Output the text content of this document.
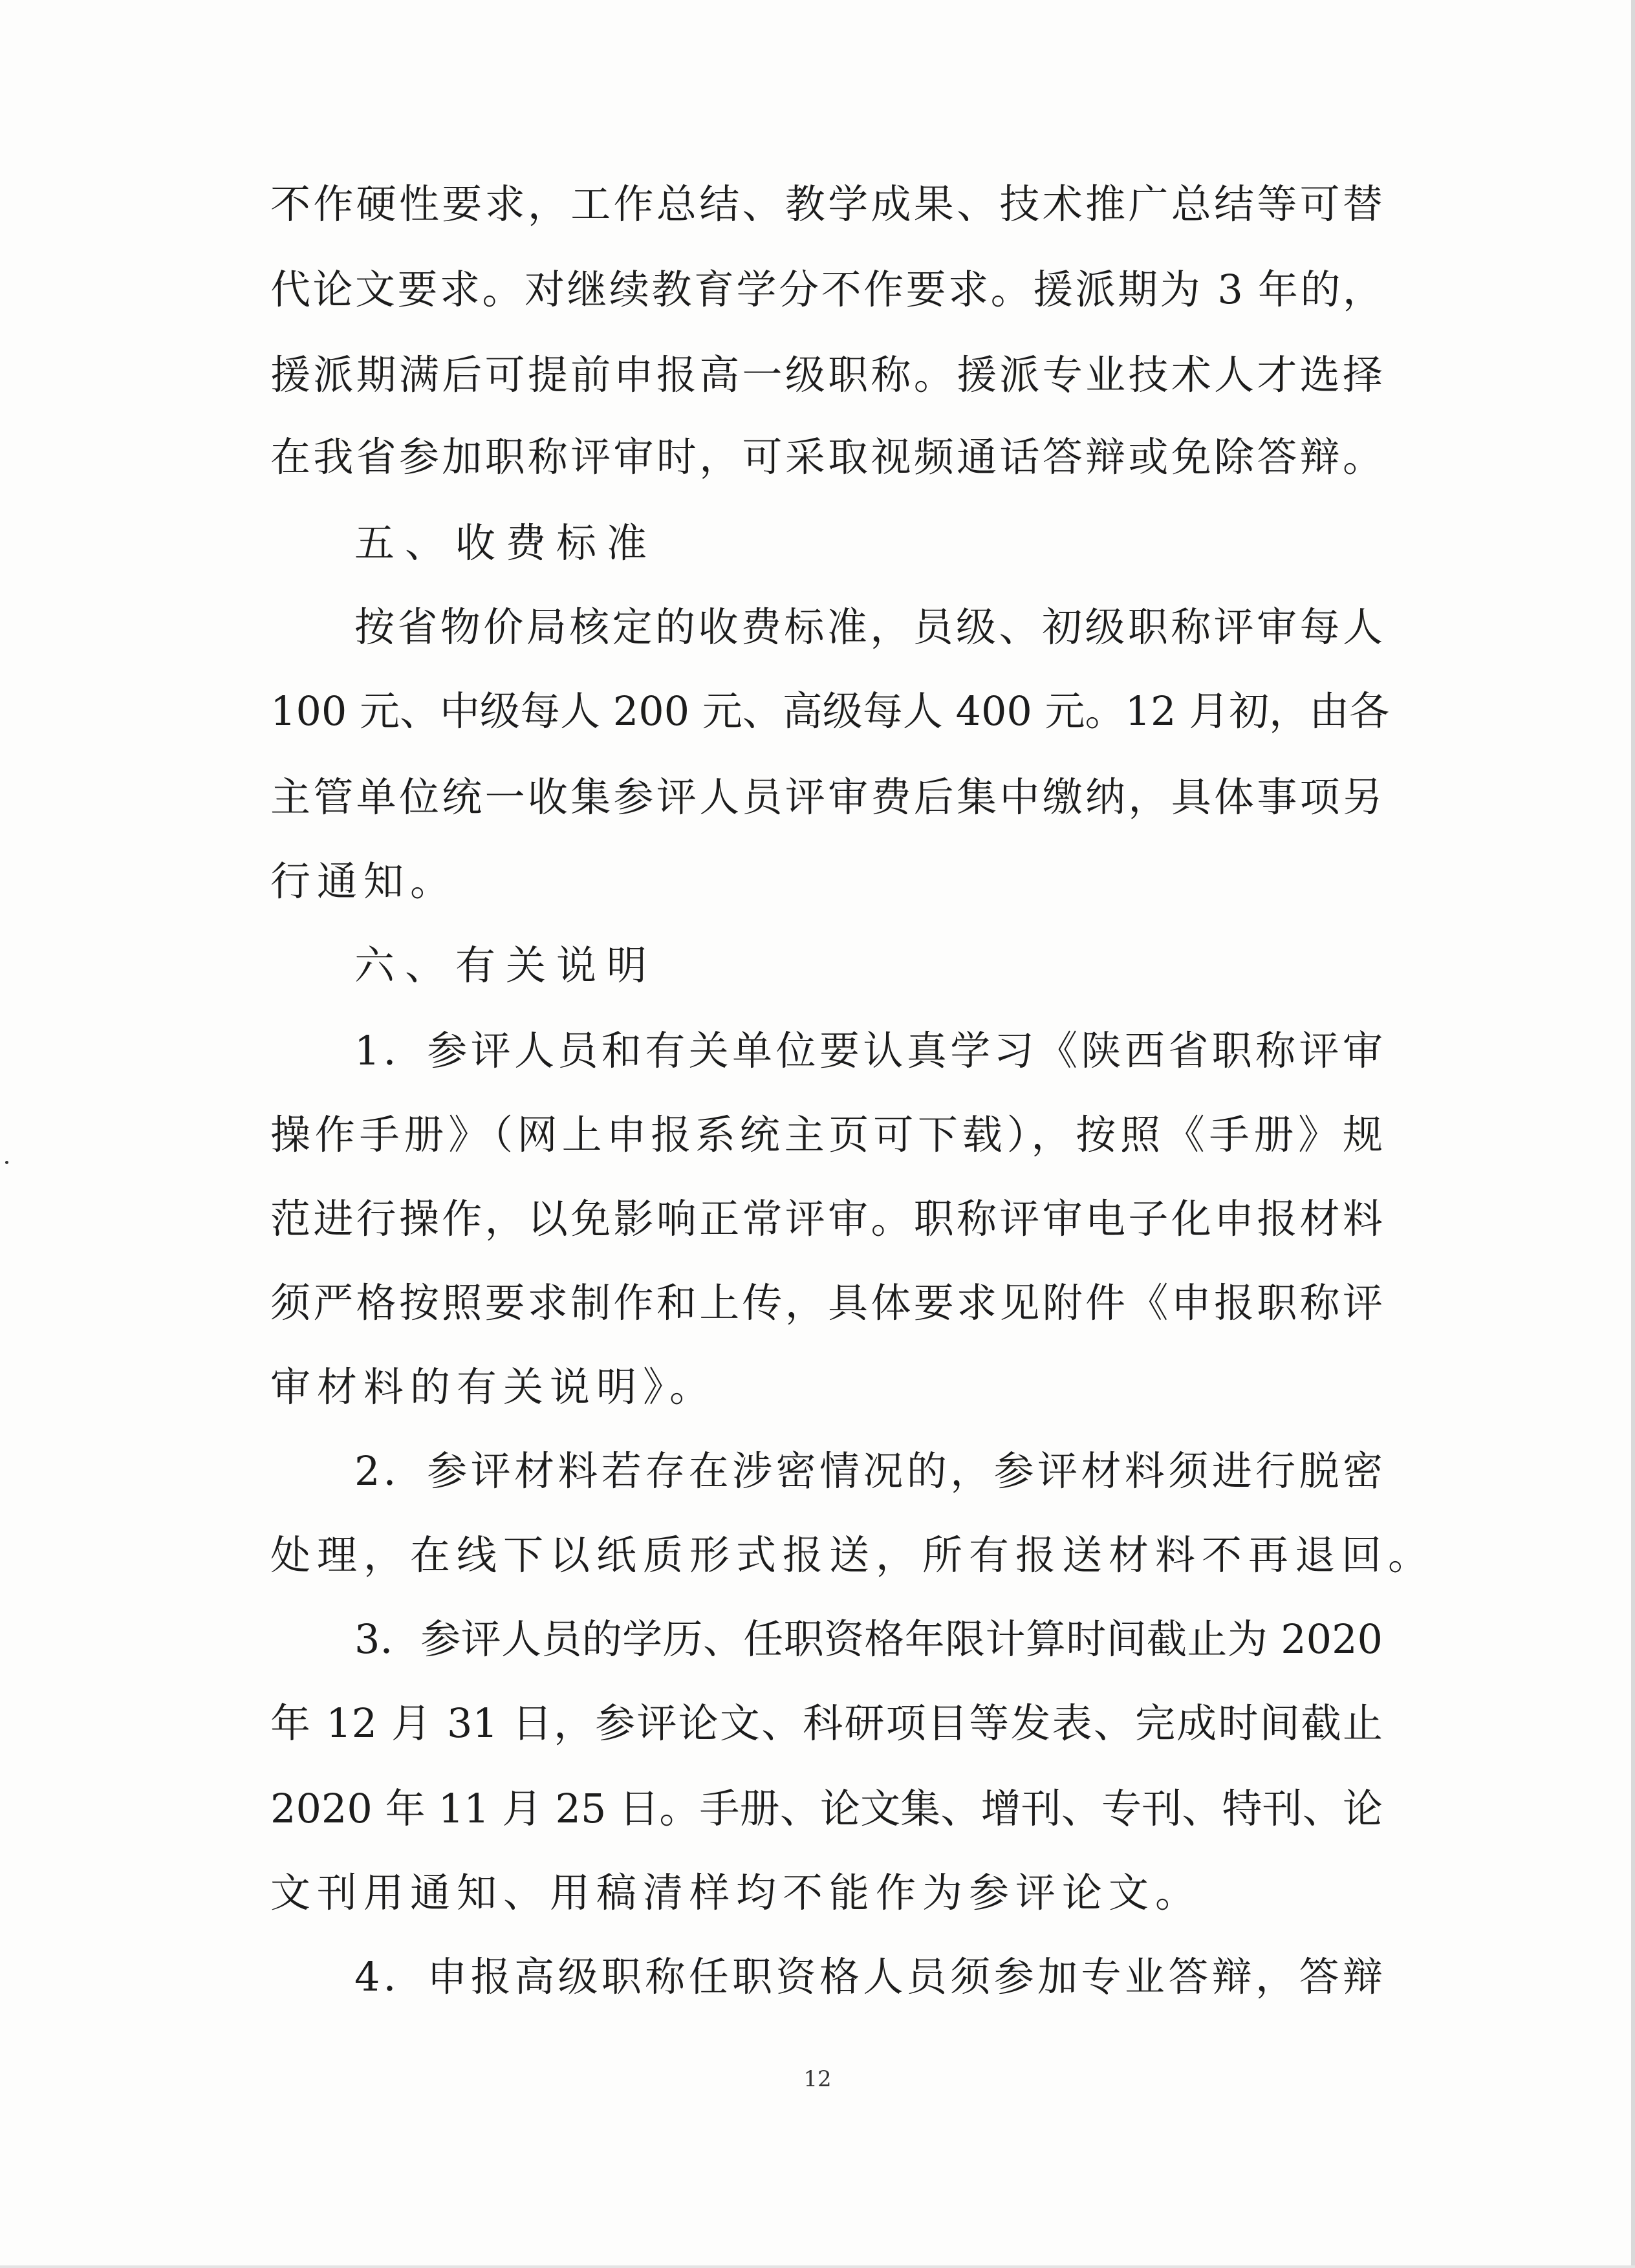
不作硬性要求，工作总结、教学成果、技术推广总结等可替
代论文要求。对继续教育学分不作要求。援派期为 3 年的，
援派期满后可提前申报高一级职称。援派专业技术人才选择
在我省参加职称评审时，可采取视频通话答辩或免除答辩。
五、收费标准
按省物价局核定的收费标准，员级、初级职称评审每人
100 元、中级每人 200 元、高级每人 400 元。12 月初，由各
主管单位统一收集参评人员评审费后集中缴纳，具体事项另
行通知。
六、有关说明
1．参评人员和有关单位要认真学习《陕西省职称评审
操作手册》（网上申报系统主页可下载），按照《手册》规
范进行操作，以免影响正常评审。职称评审电子化申报材料
须严格按照要求制作和上传，具体要求见附件《申报职称评
审材料的有关说明》。
2．参评材料若存在涉密情况的，参评材料须进行脱密
处理，在线下以纸质形式报送，所有报送材料不再退回。
3．参评人员的学历、任职资格年限计算时间截止为 2020
年 12 月 31 日，参评论文、科研项目等发表、完成时间截止
2020 年 11 月 25 日。手册、论文集、增刊、专刊、特刊、论
文刊用通知、用稿清样均不能作为参评论文。
4．申报高级职称任职资格人员须参加专业答辩，答辩
12
